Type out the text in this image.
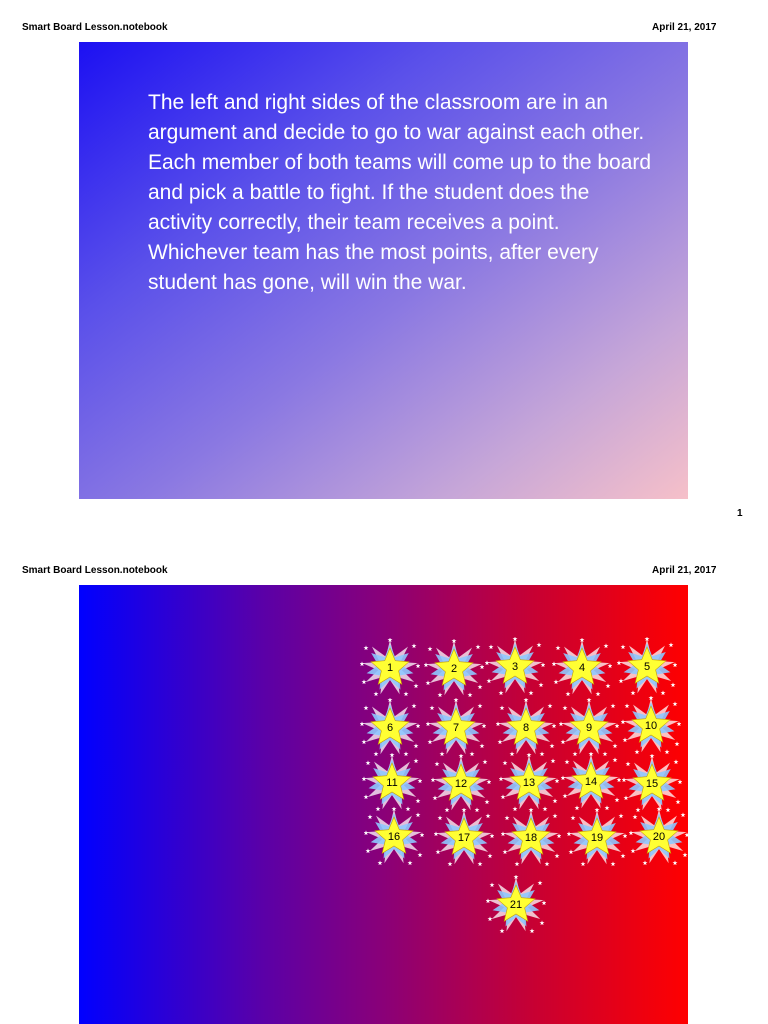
Smart Board Lesson.notebook	April 21, 2017
The left and right sides of the classroom are in an argument and decide to go to war against each other. Each member of both teams will come up to the board and pick a battle to fight. If the student does the activity correctly, their team receives a point. Whichever team has the most points, after every student has gone, will win the war.
1
Smart Board Lesson.notebook	April 21, 2017
1	2	3	4	5
6	7	8	9	10
11	12	13	14	15
16	17	18	19	20
21
